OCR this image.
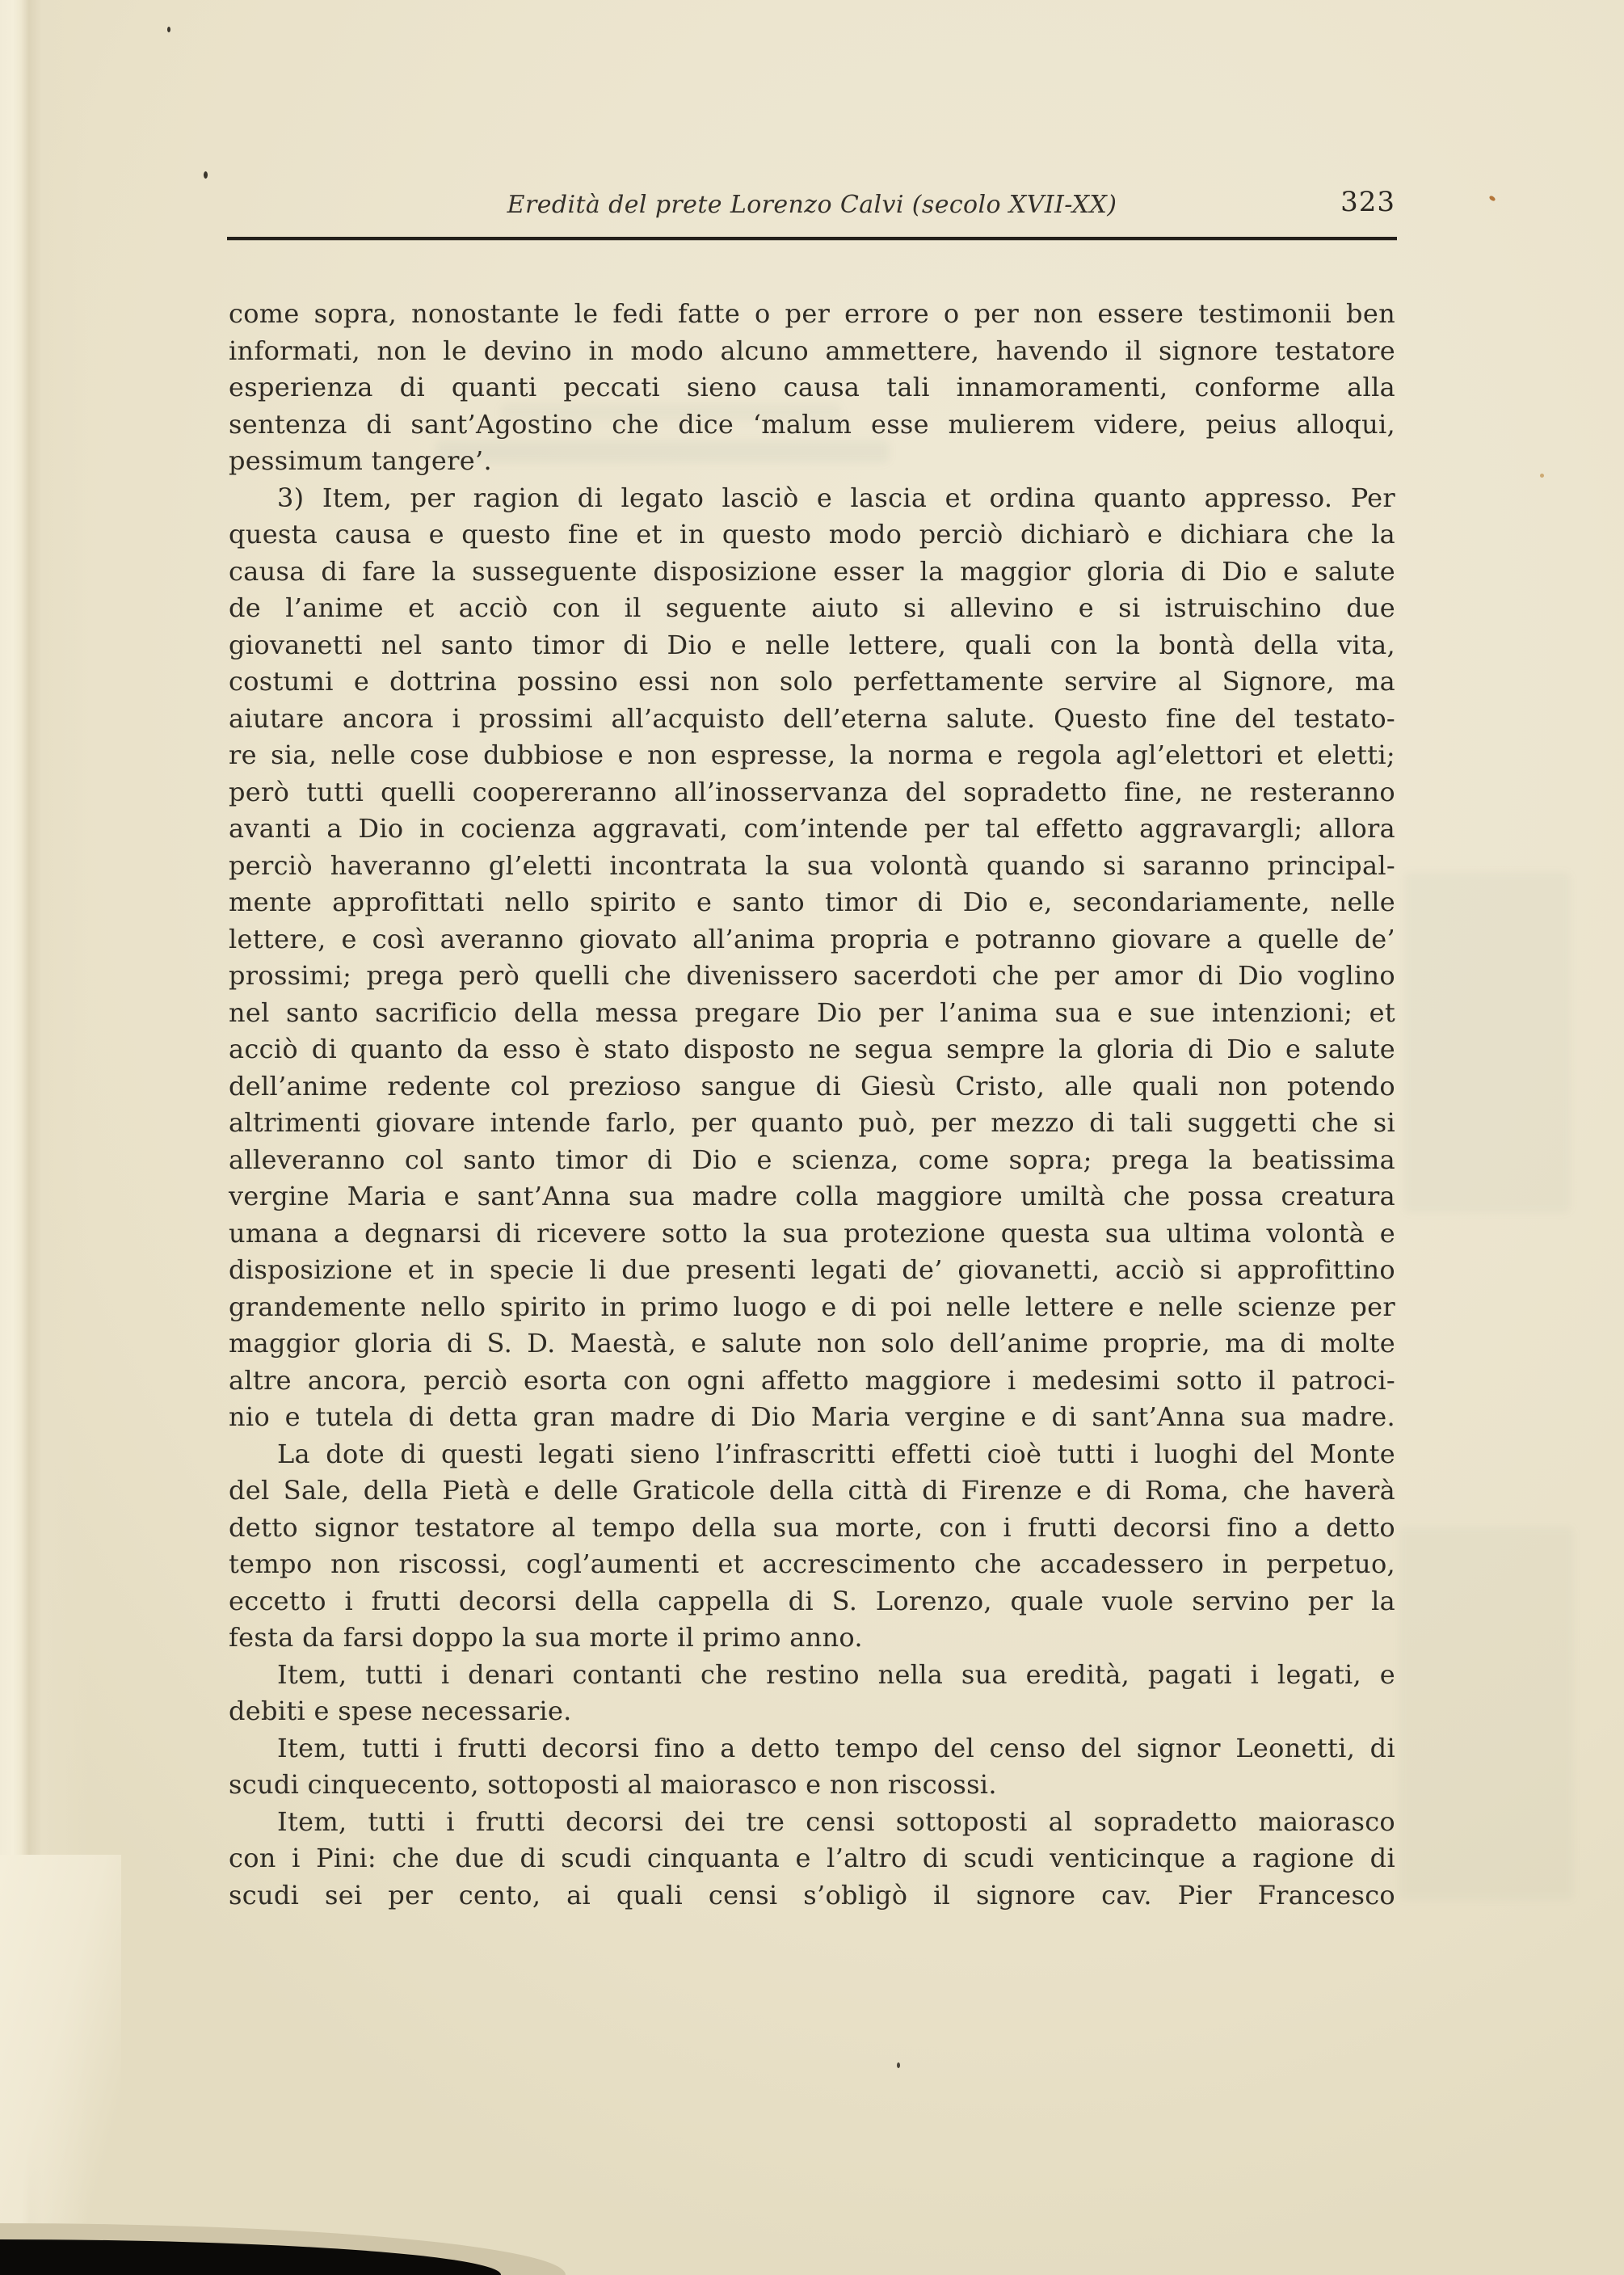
Eredità del prete Lorenzo Calvi (secolo XVII-XX)	323
come sopra, nonostante le fedi fatte o per errore o per non essere testimonii ben
informati, non le devino in modo alcuno ammettere, havendo il signore testatore
esperienza di quanti peccati sieno causa tali innamoramenti, conforme alla
sentenza di sant’Agostino che dice ‘malum esse mulierem videre, peius alloqui,
pessimum tangere’.
3) Item, per ragion di legato lasciò e lascia et ordina quanto appresso. Per
questa causa e questo fine et in questo modo perciò dichiarò e dichiara che la
causa di fare la susseguente disposizione esser la maggior gloria di Dio e salute
de l’anime et acciò con il seguente aiuto si allevino e si istruischino due
giovanetti nel santo timor di Dio e nelle lettere, quali con la bontà della vita,
costumi e dottrina possino essi non solo perfettamente servire al Signore, ma
aiutare ancora i prossimi all’acquisto dell’eterna salute. Questo fine del testato-
re sia, nelle cose dubbiose e non espresse, la norma e regola agl’elettori et eletti;
però tutti quelli coopereranno all’inosservanza del sopradetto fine, ne resteranno
avanti a Dio in cocienza aggravati, com’intende per tal effetto aggravargli; allora
perciò haveranno gl’eletti incontrata la sua volontà quando si saranno principal-
mente approfittati nello spirito e santo timor di Dio e, secondariamente, nelle
lettere, e così averanno giovato all’anima propria e potranno giovare a quelle de’
prossimi; prega però quelli che divenissero sacerdoti che per amor di Dio voglino
nel santo sacrificio della messa pregare Dio per l’anima sua e sue intenzioni; et
acciò di quanto da esso è stato disposto ne segua sempre la gloria di Dio e salute
dell’anime redente col prezioso sangue di Giesù Cristo, alle quali non potendo
altrimenti giovare intende farlo, per quanto può, per mezzo di tali suggetti che si
alleveranno col santo timor di Dio e scienza, come sopra; prega la beatissima
vergine Maria e sant’Anna sua madre colla maggiore umiltà che possa creatura
umana a degnarsi di ricevere sotto la sua protezione questa sua ultima volontà e
disposizione et in specie li due presenti legati de’ giovanetti, acciò si approfittino
grandemente nello spirito in primo luogo e di poi nelle lettere e nelle scienze per
maggior gloria di S. D. Maestà, e salute non solo dell’anime proprie, ma di molte
altre ancora, perciò esorta con ogni affetto maggiore i medesimi sotto il patroci-
nio e tutela di detta gran madre di Dio Maria vergine e di sant’Anna sua madre.
La dote di questi legati sieno l’infrascritti effetti cioè tutti i luoghi del Monte
del Sale, della Pietà e delle Graticole della città di Firenze e di Roma, che haverà
detto signor testatore al tempo della sua morte, con i frutti decorsi fino a detto
tempo non riscossi, cogl’aumenti et accrescimento che accadessero in perpetuo,
eccetto i frutti decorsi della cappella di S. Lorenzo, quale vuole servino per la
festa da farsi doppo la sua morte il primo anno.
Item, tutti i denari contanti che restino nella sua eredità, pagati i legati, e
debiti e spese necessarie.
Item, tutti i frutti decorsi fino a detto tempo del censo del signor Leonetti, di
scudi cinquecento, sottoposti al maiorasco e non riscossi.
Item, tutti i frutti decorsi dei tre censi sottoposti al sopradetto maiorasco
con i Pini: che due di scudi cinquanta e l’altro di scudi venticinque a ragione di
scudi sei per cento, ai quali censi s’obligò il signore cav. Pier Francesco
